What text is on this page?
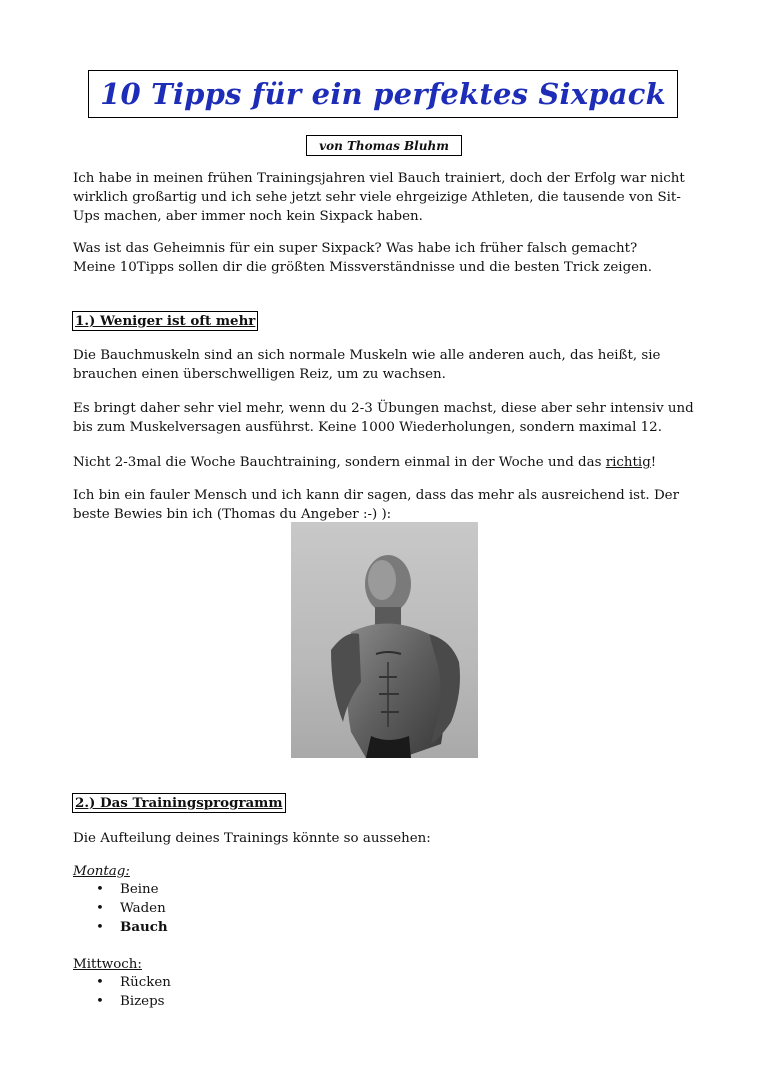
10 Tipps für ein perfektes Sixpack
von Thomas Bluhm

Ich habe in meinen frühen Trainingsjahren viel Bauch trainiert, doch der Erfolg war nicht
wirklich großartig und ich sehe jetzt sehr viele ehrgeizige Athleten, die tausende von Sit-
Ups machen, aber immer noch kein Sixpack haben.

Was ist das Geheimnis für ein super Sixpack? Was habe ich früher falsch gemacht?
Meine 10Tipps sollen dir die größten Missverständnisse und die besten Trick zeigen.

1.) Weniger ist oft mehr

Die Bauchmuskeln sind an sich normale Muskeln wie alle anderen auch, das heißt, sie
brauchen einen überschwelligen Reiz, um zu wachsen.

Es bringt daher sehr viel mehr, wenn du 2-3 Übungen machst, diese aber sehr intensiv und
bis zum Muskelversagen ausführst. Keine 1000 Wiederholungen, sondern maximal 12.

Nicht 2-3mal die Woche Bauchtraining, sondern einmal in der Woche und das richtig!

Ich bin ein fauler Mensch und ich kann dir sagen, dass das mehr als ausreichend ist. Der
beste Bewies bin ich (Thomas du Angeber :-) ):

2.) Das Trainingsprogramm

Die Aufteilung deines Trainings könnte so aussehen:

Montag:
• Beine
• Waden
• Bauch
Mittwoch:
• Rücken
• Bizeps
